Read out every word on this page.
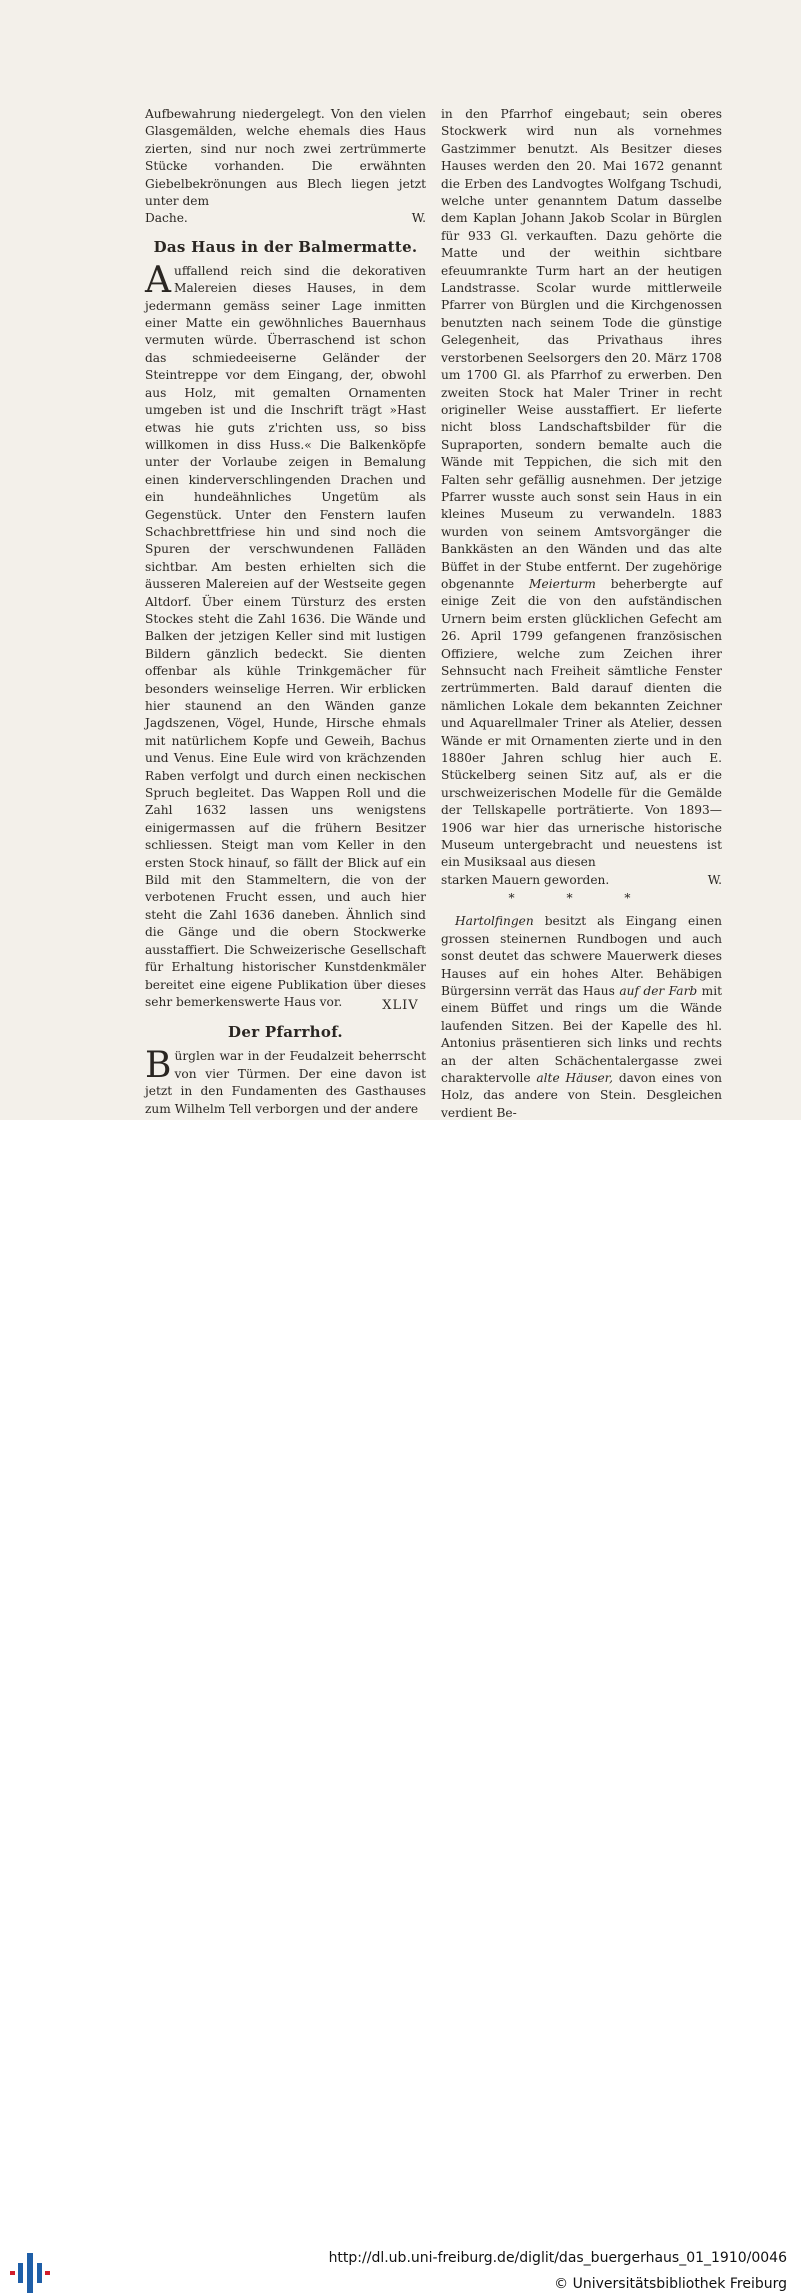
Aufbewahrung niedergelegt. Von den vielen Glasgemälden, welche ehemals dies Haus zierten, sind nur noch zwei zertrümmerte Stücke vorhanden. Die erwähnten Giebelbekrönungen aus Blech liegen jetzt unter dem

Dache.	W.
Das Haus in der Balmermatte.

Auffallend reich sind die dekorativen Malereien dieses Hauses, in dem jedermann gemäss seiner Lage inmitten einer Matte ein gewöhnliches Bauernhaus vermuten würde. Überraschend ist schon das schmiedeeiserne Geländer der Steintreppe vor dem Eingang, der, obwohl aus Holz, mit gemalten Ornamenten umgeben ist und die Inschrift trägt »Hast etwas hie guts z'richten uss, so biss willkomen in diss Huss.« Die Balkenköpfe unter der Vorlaube zeigen in Bemalung einen kinderverschlingenden Drachen und ein hundeähnliches Ungetüm als Gegenstück. Unter den Fenstern laufen Schachbrettfriese hin und sind noch die Spuren der verschwundenen Falläden sichtbar. Am besten erhielten sich die äusseren Malereien auf der Westseite gegen Altdorf. Über einem Türsturz des ersten Stockes steht die Zahl 1636. Die Wände und Balken der jetzigen Keller sind mit lustigen Bildern gänzlich bedeckt. Sie dienten offenbar als kühle Trinkgemächer für besonders weinselige Herren. Wir erblicken hier staunend an den Wänden ganze Jagdszenen, Vögel, Hunde, Hirsche ehmals mit natürlichem Kopfe und Geweih, Bachus und Venus. Eine Eule wird von krächzenden Raben verfolgt und durch einen neckischen Spruch begleitet. Das Wappen Roll und die Zahl 1632 lassen uns wenigstens einigermassen auf die frühern Besitzer schliessen. Steigt man vom Keller in den ersten Stock hinauf, so fällt der Blick auf ein Bild mit den Stammeltern, die von der verbotenen Frucht essen, und auch hier steht die Zahl 1636 daneben. Ähnlich sind die Gänge und die obern Stockwerke ausstaffiert. Die Schweizerische Gesellschaft für Erhaltung historischer Kunstdenkmäler bereitet eine eigene Publikation über dieses sehr bemerkenswerte Haus vor.

Der Pfarrhof.

Bürglen war in der Feudalzeit beherrscht von vier Türmen. Der eine davon ist jetzt in den Fundamenten des Gasthauses zum Wilhelm Tell verborgen und der andere

in den Pfarrhof eingebaut; sein oberes Stockwerk wird nun als vornehmes Gastzimmer benutzt. Als Besitzer dieses Hauses werden den 20. Mai 1672 genannt die Erben des Landvogtes Wolfgang Tschudi, welche unter genanntem Datum dasselbe dem Kaplan Johann Jakob Scolar in Bürglen für 933 Gl. verkauften. Dazu gehörte die Matte und der weithin sichtbare efeuumrankte Turm hart an der heutigen Landstrasse. Scolar wurde mittlerweile Pfarrer von Bürglen und die Kirchgenossen benutzten nach seinem Tode die günstige Gelegenheit, das Privathaus ihres verstorbenen Seelsorgers den 20. März 1708 um 1700 Gl. als Pfarrhof zu erwerben. Den zweiten Stock hat Maler Triner in recht origineller Weise ausstaffiert. Er lieferte nicht bloss Landschaftsbilder für die Supraporten, sondern bemalte auch die Wände mit Teppichen, die sich mit den Falten sehr gefällig ausnehmen. Der jetzige Pfarrer wusste auch sonst sein Haus in ein kleines Museum zu verwandeln. 1883 wurden von seinem Amtsvorgänger die Bankkästen an den Wänden und das alte Büffet in der Stube entfernt. Der zugehörige obgenannte Meierturm beherbergte auf einige Zeit die von den aufständischen Urnern beim ersten glücklichen Gefecht am 26. April 1799 gefangenen französischen Offiziere, welche zum Zeichen ihrer Sehnsucht nach Freiheit sämtliche Fenster zertrümmerten. Bald darauf dienten die nämlichen Lokale dem bekannten Zeichner und Aquarellmaler Triner als Atelier, dessen Wände er mit Ornamenten zierte und in den 1880er Jahren schlug hier auch E. Stückelberg seinen Sitz auf, als er die urschweizerischen Modelle für die Gemälde der Tellskapelle porträtierte. Von 1893—1906 war hier das urnerische historische Museum untergebracht und neuestens ist ein Musiksaal aus diesen

starken Mauern geworden.	W.
* * *

Hartolfingen besitzt als Eingang einen grossen steinernen Rundbogen und auch sonst deutet das schwere Mauerwerk dieses Hauses auf ein hohes Alter. Behäbigen Bürgersinn verrät das Haus auf der Farb mit einem Büffet und rings um die Wände laufenden Sitzen. Bei der Kapelle des hl. Antonius präsentieren sich links und rechts an der alten Schächentalergasse zwei charaktervolle alte Häuser, davon eines von Holz, das andere von Stein. Desgleichen verdient Be-

XLIV
http://dl.ub.uni-freiburg.de/diglit/das_buergerhaus_01_1910/0046
© Universitätsbibliothek Freiburg
